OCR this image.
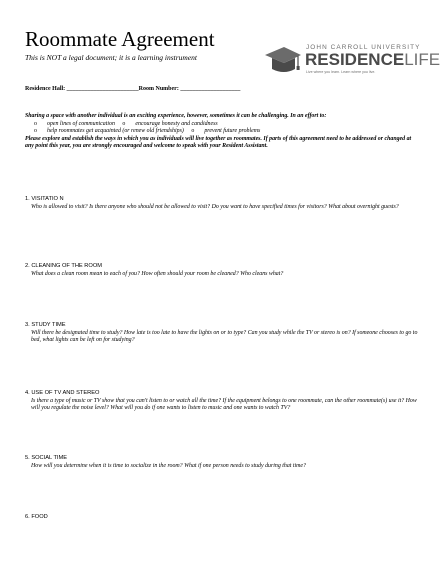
Roommate Agreement
This is NOT a legal document; it is a learning instrument
JOHN CARROLL UNIVERSITY
RESIDENCELIFE
Live where you learn. Learn where you live.
Residence Hall: ________________________Room Number: ____________________
Sharing a space with another individual is an exciting experience, however, sometimes it can be challenging. In an effort to:
o open lines of communication o encourage honesty and candidness
o help roommates get acquainted (or renew old friendships) o prevent future problems
Please explore and establish the ways in which you as individuals will live together as roommates. If parts of this agreement need to be addressed or changed at any point this year, you are strongly encouraged and welcome to speak with your Resident Assistant.
1. VISITATIO N
Who is allowed to visit? Is there anyone who should not be allowed to visit? Do you want to have specified times for visitors? What about overnight guests?
2. CLEANING OF THE ROOM
What does a clean room mean to each of you? How often should your room be cleaned? Who cleans what?
3. STUDY TIME
Will there be designated time to study? How late is too late to have the lights on or to type? Can you study while the TV or stereo is on? If someone chooses to go to bed, what lights can be left on for studying?
4. USE OF TV AND STEREO
Is there a type of music or TV show that you can't listen to or watch all the time? If the equipment belongs to one roommate, can the other roommate(s) use it? How will you regulate the noise level? What will you do if one wants to listen to music and one wants to watch TV?
5. SOCIAL TIME
How will you determine when it is time to socialize in the room? What if one person needs to study during that time?
6. FOOD
